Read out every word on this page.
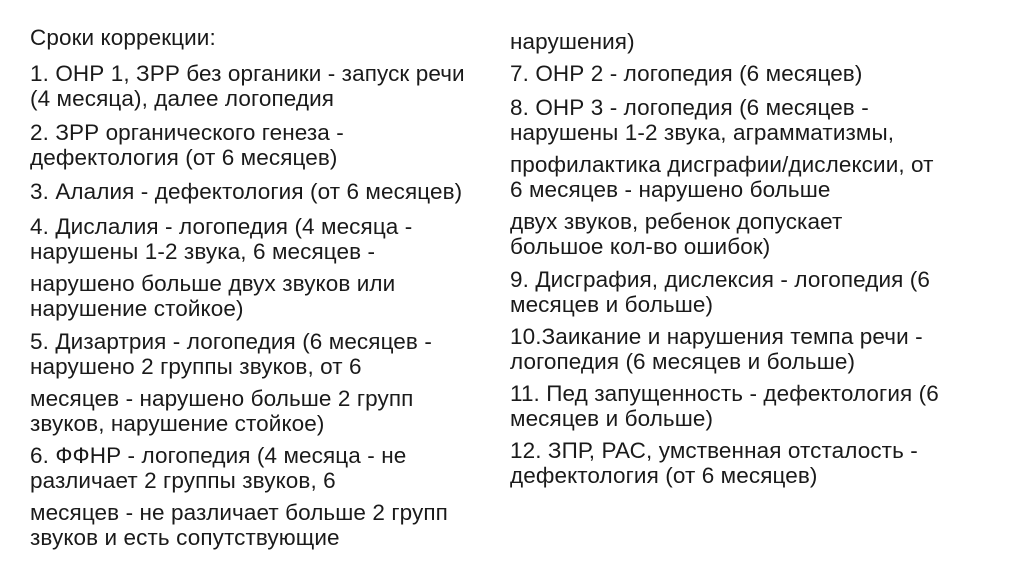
Сроки коррекции:
1. ОНР 1, ЗРР без органики - запуск речи
(4 месяца), далее логопедия
2. ЗРР органического генеза -
дефектология (от 6 месяцев)
3. Алалия - дефектология (от 6 месяцев)
4. Дислалия - логопедия (4 месяца -
нарушены 1-2 звука, 6 месяцев -
нарушено больше двух звуков или
нарушение стойкое)
5. Дизартрия - логопедия (6 месяцев -
нарушено 2 группы звуков, от 6
месяцев - нарушено больше 2 групп
звуков, нарушение стойкое)
6. ФФНР - логопедия (4 месяца - не
различает 2 группы звуков, 6
месяцев - не различает больше 2 групп
звуков и есть сопутствующие
нарушения)
7. ОНР 2 - логопедия (6 месяцев)
8. ОНР 3 - логопедия (6 месяцев -
нарушены 1-2 звука, аграмматизмы,
профилактика дисграфии/дислексии, от
6 месяцев - нарушено больше
двух звуков, ребенок допускает
большое кол-во ошибок)
9. Дисграфия, дислексия - логопедия (6
месяцев и больше)
10.Заикание и нарушения темпа речи -
логопедия (6 месяцев и больше)
11. Пед запущенность - дефектология (6
месяцев и больше)
12. ЗПР, РАС, умственная отсталость -
дефектология (от 6 месяцев)
